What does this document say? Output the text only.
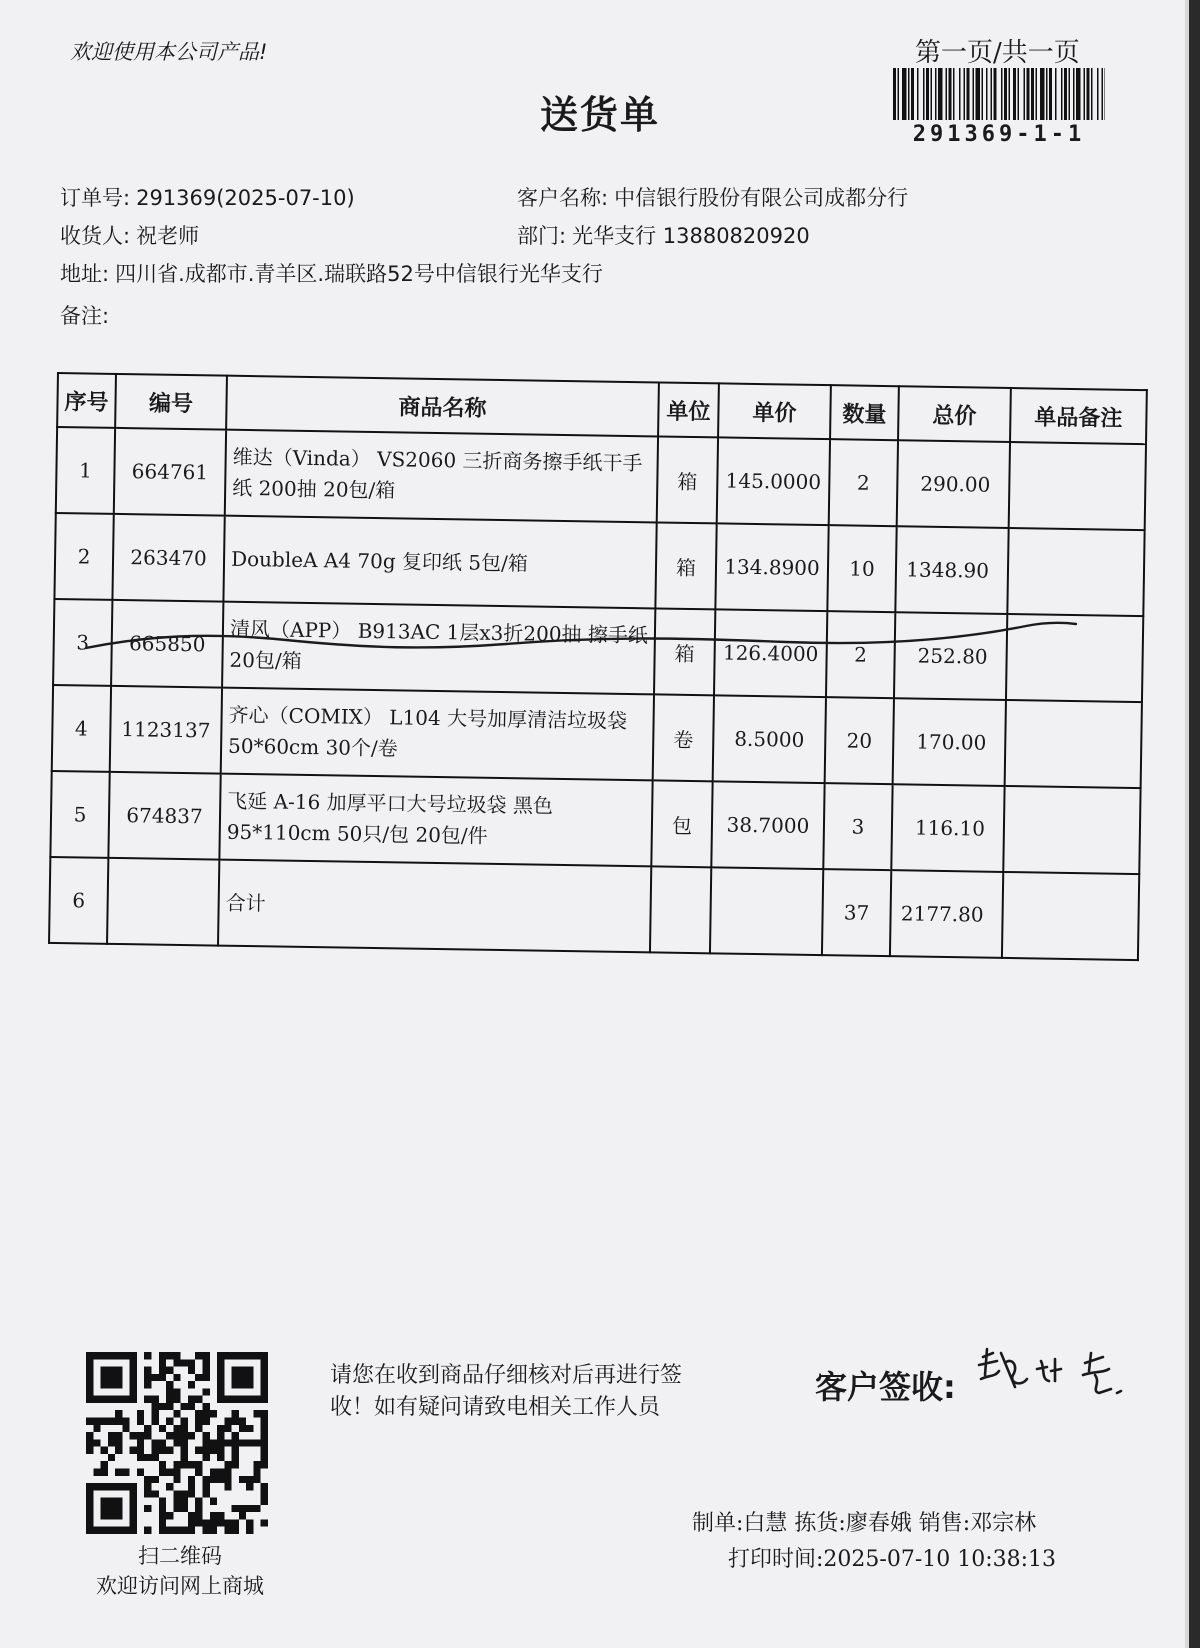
欢迎使用本公司产品!	第一页/共一页
291369-1-1
送货单
订单号: 291369(2025-07-10)	客户名称: 中信银行股份有限公司成都分行
收货人: 祝老师	部门: 光华支行 13880820920
地址: 四川省.成都市.青羊区.瑞联路52号中信银行光华支行
备注:
序号	编号	商品名称	单位	单价	数量	总价	单品备注
1	664761	维达（Vinda） VS2060 三折商务擦手纸干手纸 200抽 20包/箱	箱	145.0000	2	290.00	
2	263470	DoubleA A4 70g 复印纸 5包/箱	箱	134.8900	10	1348.90	
3	665850	清风（APP） B913AC 1层x3折200抽 擦手纸 20包/箱	箱	126.4000	2	252.80	
4	1123137	齐心（COMIX） L104 大号加厚清洁垃圾袋 50*60cm 30个/卷	卷	8.5000	20	170.00	
5	674837	飞延 A-16 加厚平口大号垃圾袋 黑色 95*110cm 50只/包 20包/件	包	38.7000	3	116.10	
6		合计			37	2177.80	
扫二维码
欢迎访问网上商城
请您在收到商品仔细核对后再进行签
收！如有疑问请致电相关工作人员
客户签收:
制单:白慧 拣货:廖春娥 销售:邓宗林
打印时间:2025-07-10 10:38:13
